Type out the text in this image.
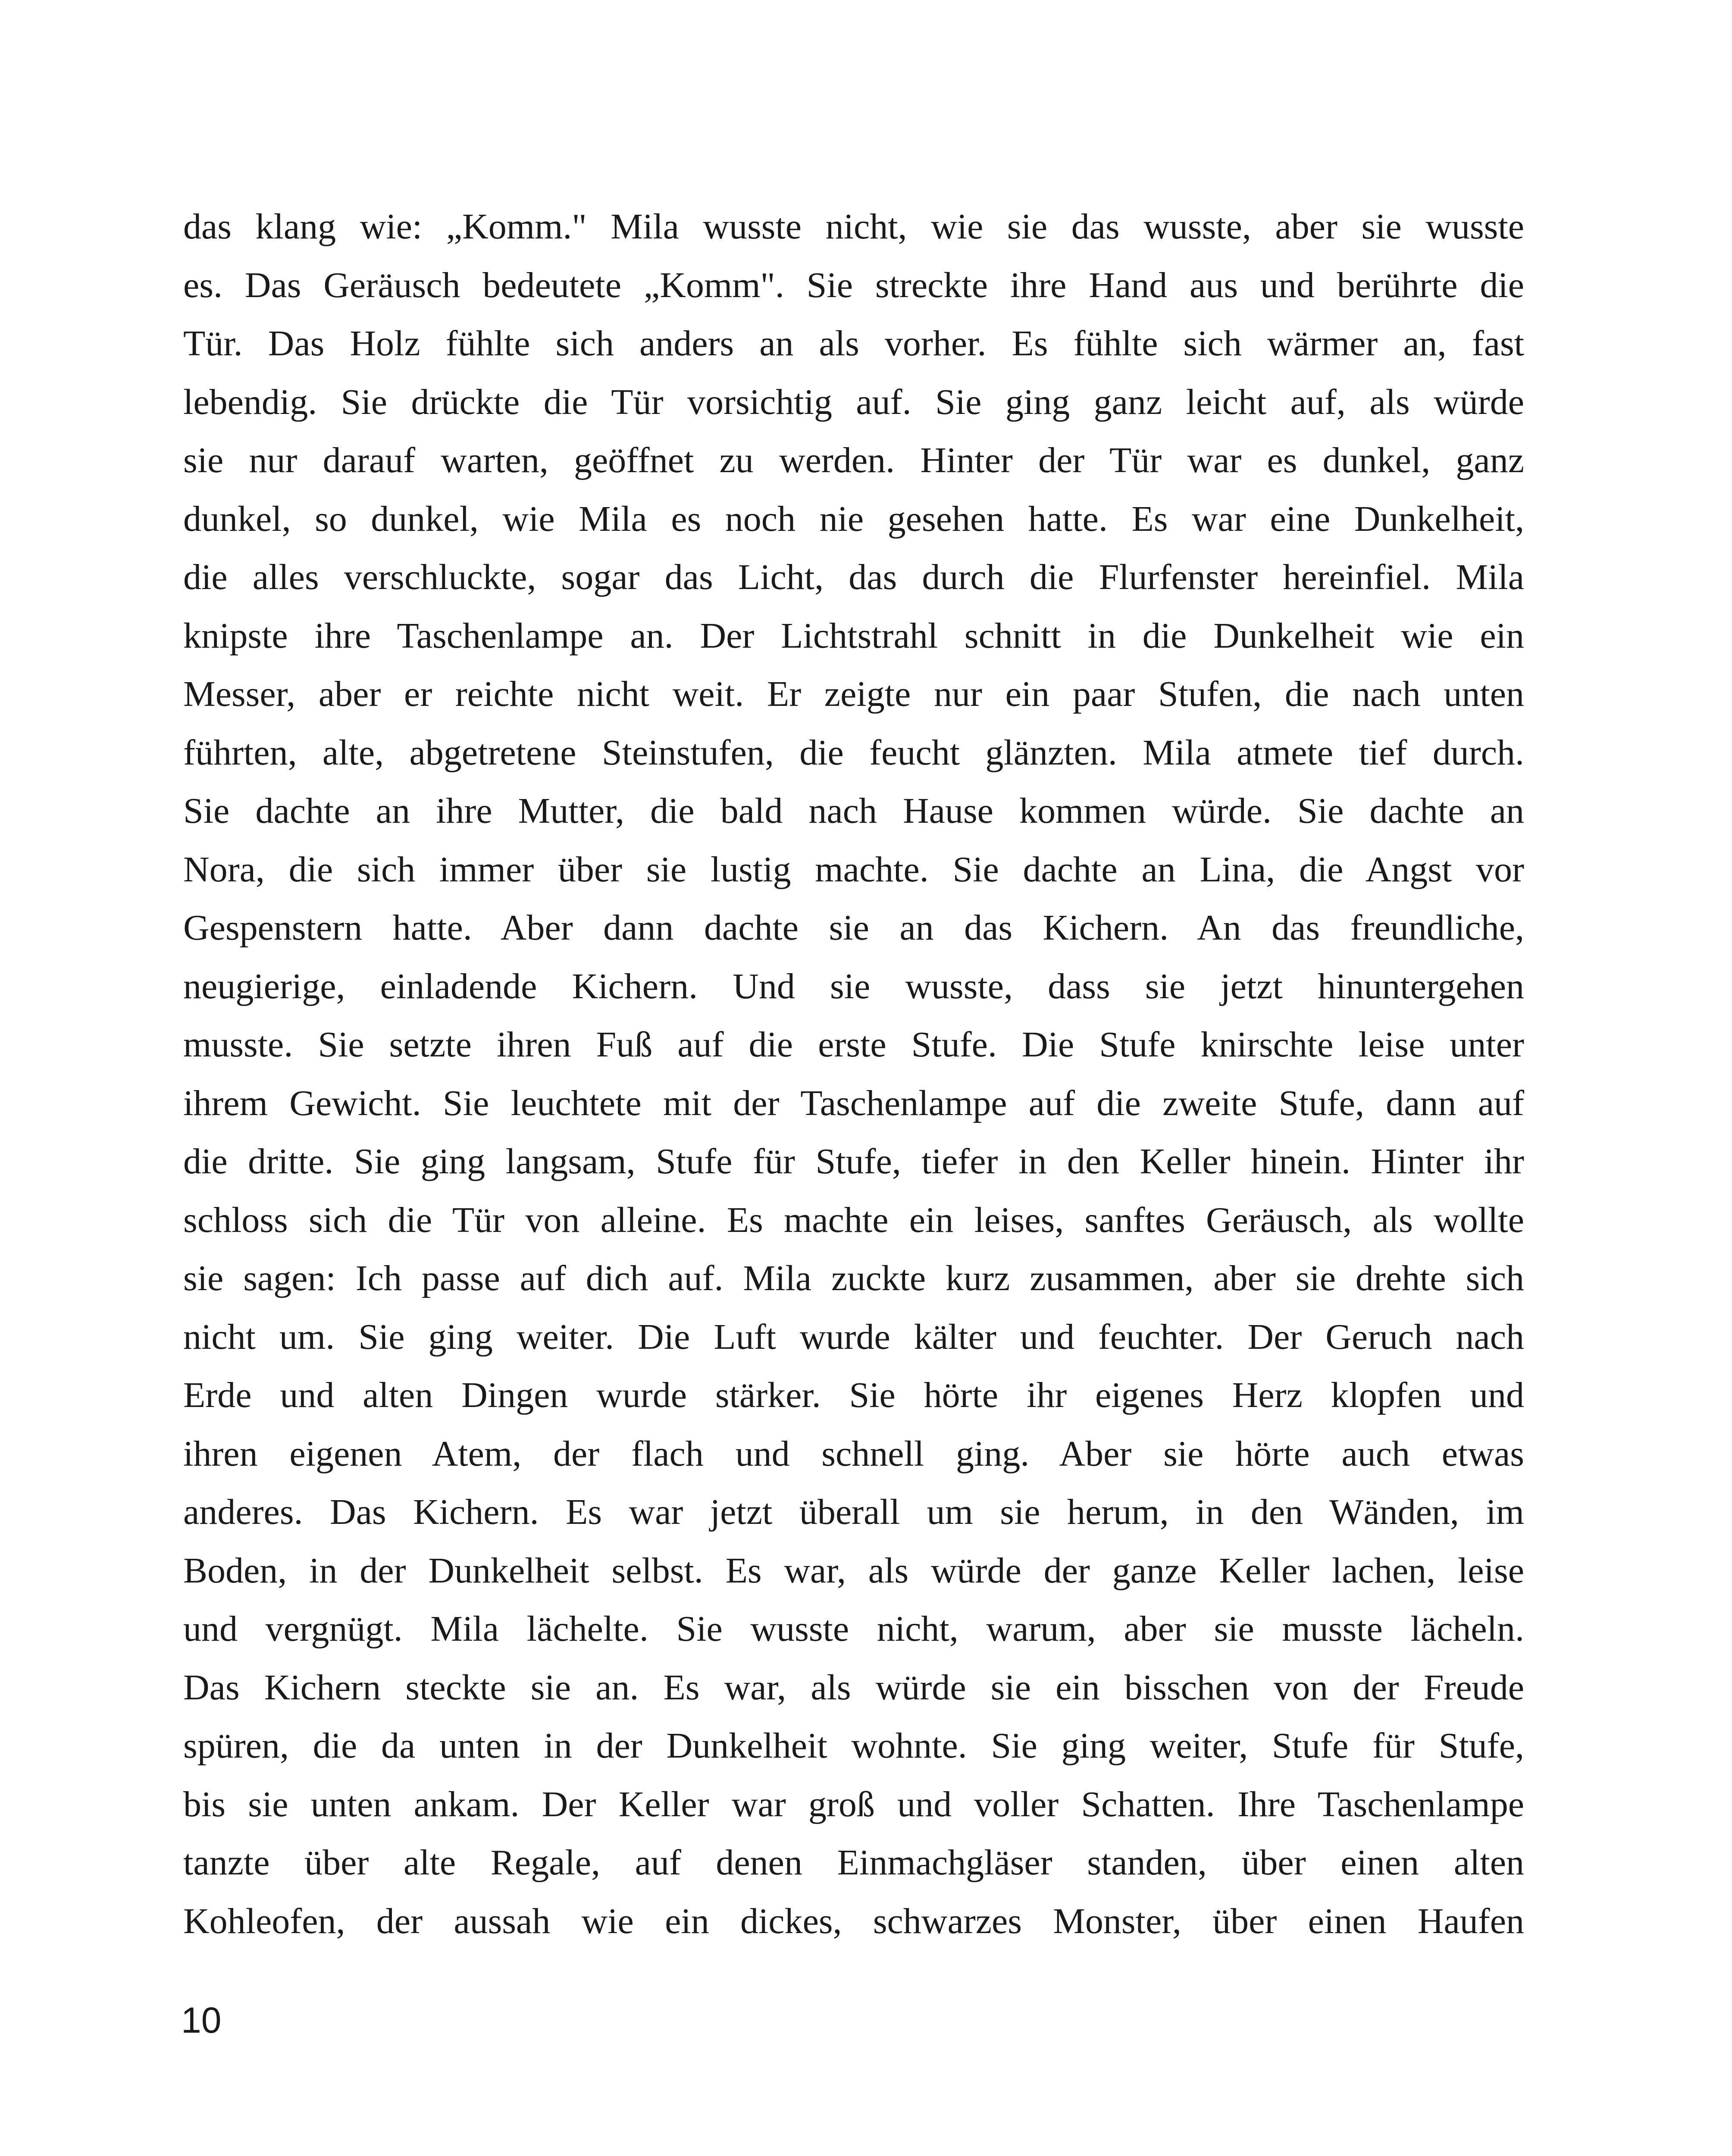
das klang wie: „Komm." Mila wusste nicht, wie sie das wusste, aber sie wusste
es. Das Geräusch bedeutete „Komm". Sie streckte ihre Hand aus und berührte die
Tür. Das Holz fühlte sich anders an als vorher. Es fühlte sich wärmer an, fast
lebendig. Sie drückte die Tür vorsichtig auf. Sie ging ganz leicht auf, als würde
sie nur darauf warten, geöffnet zu werden. Hinter der Tür war es dunkel, ganz
dunkel, so dunkel, wie Mila es noch nie gesehen hatte. Es war eine Dunkelheit,
die alles verschluckte, sogar das Licht, das durch die Flurfenster hereinfiel. Mila
knipste ihre Taschenlampe an. Der Lichtstrahl schnitt in die Dunkelheit wie ein
Messer, aber er reichte nicht weit. Er zeigte nur ein paar Stufen, die nach unten
führten, alte, abgetretene Steinstufen, die feucht glänzten. Mila atmete tief durch.
Sie dachte an ihre Mutter, die bald nach Hause kommen würde. Sie dachte an
Nora, die sich immer über sie lustig machte. Sie dachte an Lina, die Angst vor
Gespenstern hatte. Aber dann dachte sie an das Kichern. An das freundliche,
neugierige, einladende Kichern. Und sie wusste, dass sie jetzt hinuntergehen
musste. Sie setzte ihren Fuß auf die erste Stufe. Die Stufe knirschte leise unter
ihrem Gewicht. Sie leuchtete mit der Taschenlampe auf die zweite Stufe, dann auf
die dritte. Sie ging langsam, Stufe für Stufe, tiefer in den Keller hinein. Hinter ihr
schloss sich die Tür von alleine. Es machte ein leises, sanftes Geräusch, als wollte
sie sagen: Ich passe auf dich auf. Mila zuckte kurz zusammen, aber sie drehte sich
nicht um. Sie ging weiter. Die Luft wurde kälter und feuchter. Der Geruch nach
Erde und alten Dingen wurde stärker. Sie hörte ihr eigenes Herz klopfen und
ihren eigenen Atem, der flach und schnell ging. Aber sie hörte auch etwas
anderes. Das Kichern. Es war jetzt überall um sie herum, in den Wänden, im
Boden, in der Dunkelheit selbst. Es war, als würde der ganze Keller lachen, leise
und vergnügt. Mila lächelte. Sie wusste nicht, warum, aber sie musste lächeln.
Das Kichern steckte sie an. Es war, als würde sie ein bisschen von der Freude
spüren, die da unten in der Dunkelheit wohnte. Sie ging weiter, Stufe für Stufe,
bis sie unten ankam. Der Keller war groß und voller Schatten. Ihre Taschenlampe
tanzte über alte Regale, auf denen Einmachgläser standen, über einen alten
Kohleofen, der aussah wie ein dickes, schwarzes Monster, über einen Haufen
10
